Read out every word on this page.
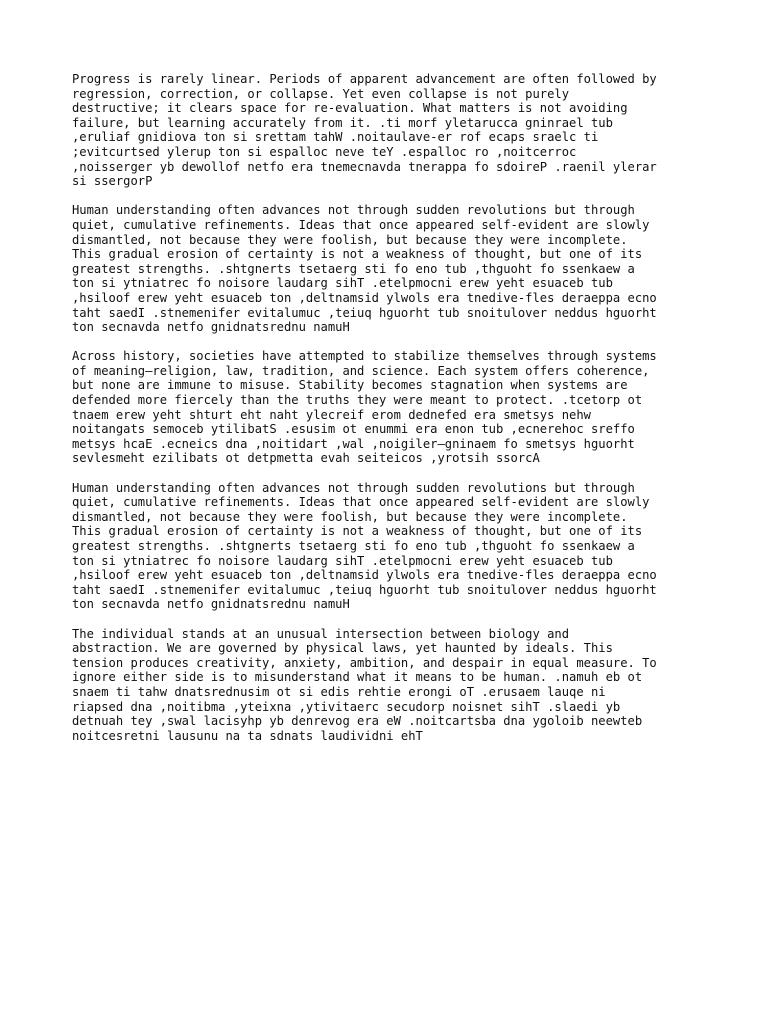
Progress is rarely linear. Periods of apparent advancement are often followed by
regression, correction, or collapse. Yet even collapse is not purely
destructive; it clears space for re-evaluation. What matters is not avoiding
failure, but learning accurately from it. .ti morf yletarucca gninrael tub
,eruliaf gnidiova ton si srettam tahW .noitaulave-er rof ecaps sraelc ti
;evitcurtsed ylerup ton si espalloc neve teY .espalloc ro ,noitcerroc
,noisserger yb dewollof netfo era tnemecnavda tnerappa fo sdoireP .raenil ylerar
si ssergorP

Human understanding often advances not through sudden revolutions but through
quiet, cumulative refinements. Ideas that once appeared self-evident are slowly
dismantled, not because they were foolish, but because they were incomplete.
This gradual erosion of certainty is not a weakness of thought, but one of its
greatest strengths. .shtgnerts tsetaerg sti fo eno tub ,thguoht fo ssenkaew a
ton si ytniatrec fo noisore laudarg sihT .etelpmocni erew yeht esuaceb tub
,hsiloof erew yeht esuaceb ton ,deltnamsid ylwols era tnedive-fles deraeppa ecno
taht saedI .stnemenifer evitalumuc ,teiuq hguorht tub snoitulover neddus hguorht
ton secnavda netfo gnidnatsrednu namuH

Across history, societies have attempted to stabilize themselves through systems
of meaning—religion, law, tradition, and science. Each system offers coherence,
but none are immune to misuse. Stability becomes stagnation when systems are
defended more fiercely than the truths they were meant to protect. .tcetorp ot
tnaem erew yeht shturt eht naht ylecreif erom dednefed era smetsys nehw
noitangats semoceb ytilibatS .esusim ot enummi era enon tub ,ecnerehoc sreffo
metsys hcaE .ecneics dna ,noitidart ,wal ,noigiler—gninaem fo smetsys hguorht
sevlesmeht ezilibats ot detpmetta evah seiteicos ,yrotsih ssorcA

Human understanding often advances not through sudden revolutions but through
quiet, cumulative refinements. Ideas that once appeared self-evident are slowly
dismantled, not because they were foolish, but because they were incomplete.
This gradual erosion of certainty is not a weakness of thought, but one of its
greatest strengths. .shtgnerts tsetaerg sti fo eno tub ,thguoht fo ssenkaew a
ton si ytniatrec fo noisore laudarg sihT .etelpmocni erew yeht esuaceb tub
,hsiloof erew yeht esuaceb ton ,deltnamsid ylwols era tnedive-fles deraeppa ecno
taht saedI .stnemenifer evitalumuc ,teiuq hguorht tub snoitulover neddus hguorht
ton secnavda netfo gnidnatsrednu namuH

The individual stands at an unusual intersection between biology and
abstraction. We are governed by physical laws, yet haunted by ideals. This
tension produces creativity, anxiety, ambition, and despair in equal measure. To
ignore either side is to misunderstand what it means to be human. .namuh eb ot
snaem ti tahw dnatsrednusim ot si edis rehtie erongi oT .erusaem lauqe ni
riapsed dna ,noitibma ,yteixna ,ytivitaerc secudorp noisnet sihT .slaedi yb
detnuah tey ,swal lacisyhp yb denrevog era eW .noitcartsba dna ygoloib neewteb
noitcesretni lausunu na ta sdnats laudividni ehT
